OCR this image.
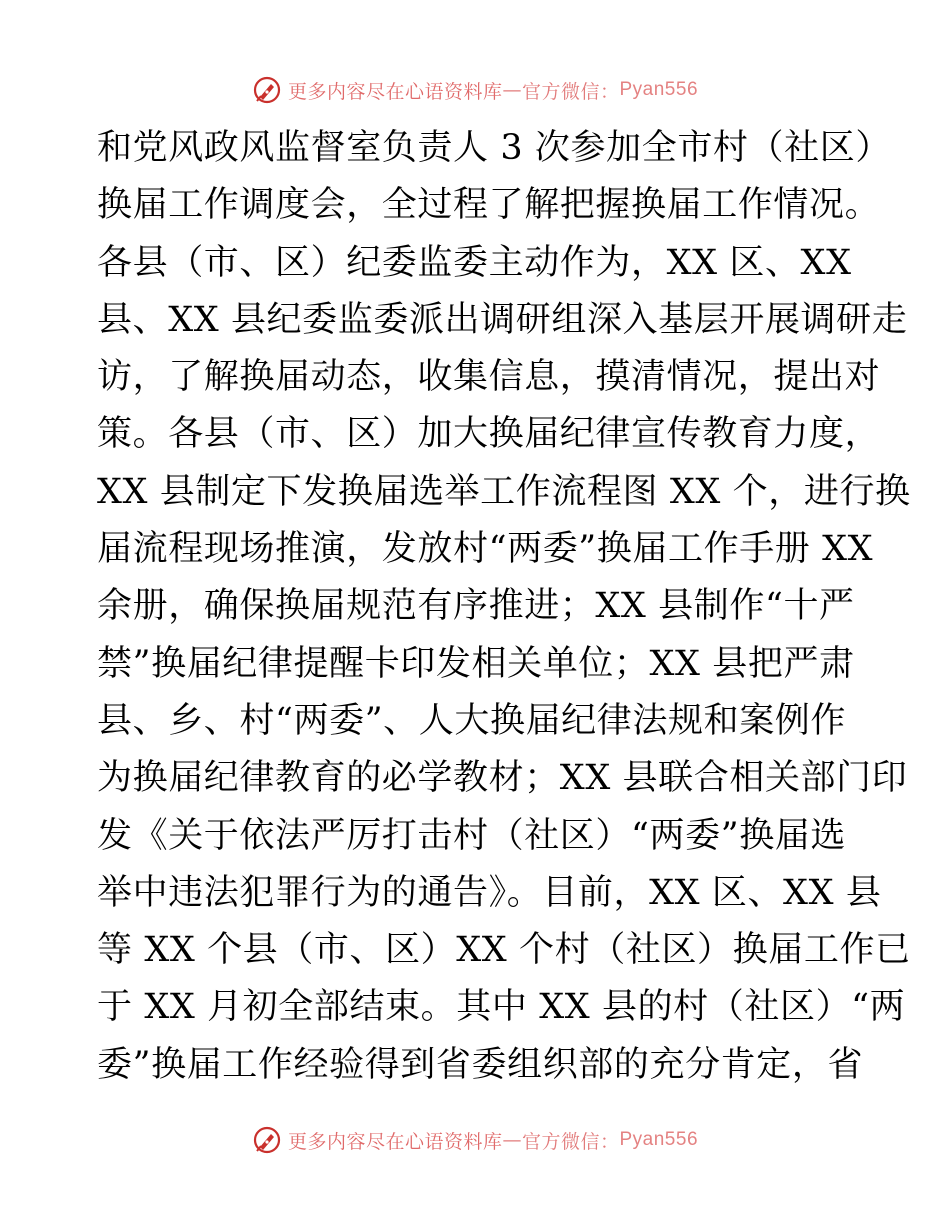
更多内容尽在心语资料库 — 官方微信： Pyan556
和党风政风监督室负责人 3 次参加全市村（社区）
换届工作调度会，全过程了解把握换届工作情况。
各县（市、区）纪委监委主动作为，XX 区、XX
县、XX 县纪委监委派出调研组深入基层开展调研走
访，了解换届动态，收集信息，摸清情况，提出对
策。各县（市、区）加大换届纪律宣传教育力度，
XX 县制定下发换届选举工作流程图 XX 个，进行换
届流程现场推演，发放村“两委”换届工作手册 XX
余册，确保换届规范有序推进；XX 县制作“十严
禁”换届纪律提醒卡印发相关单位；XX 县把严肃
县、乡、村“两委”、人大换届纪律法规和案例作
为换届纪律教育的必学教材；XX 县联合相关部门印
发《关于依法严厉打击村（社区）“两委”换届选
举中违法犯罪行为的通告》。目前，XX 区、XX 县
等 XX 个县（市、区）XX 个村（社区）换届工作已
于 XX 月初全部结束。其中 XX 县的村（社区）“两
委”换届工作经验得到省委组织部的充分肯定，省
更多内容尽在心语资料库 — 官方微信： Pyan556
